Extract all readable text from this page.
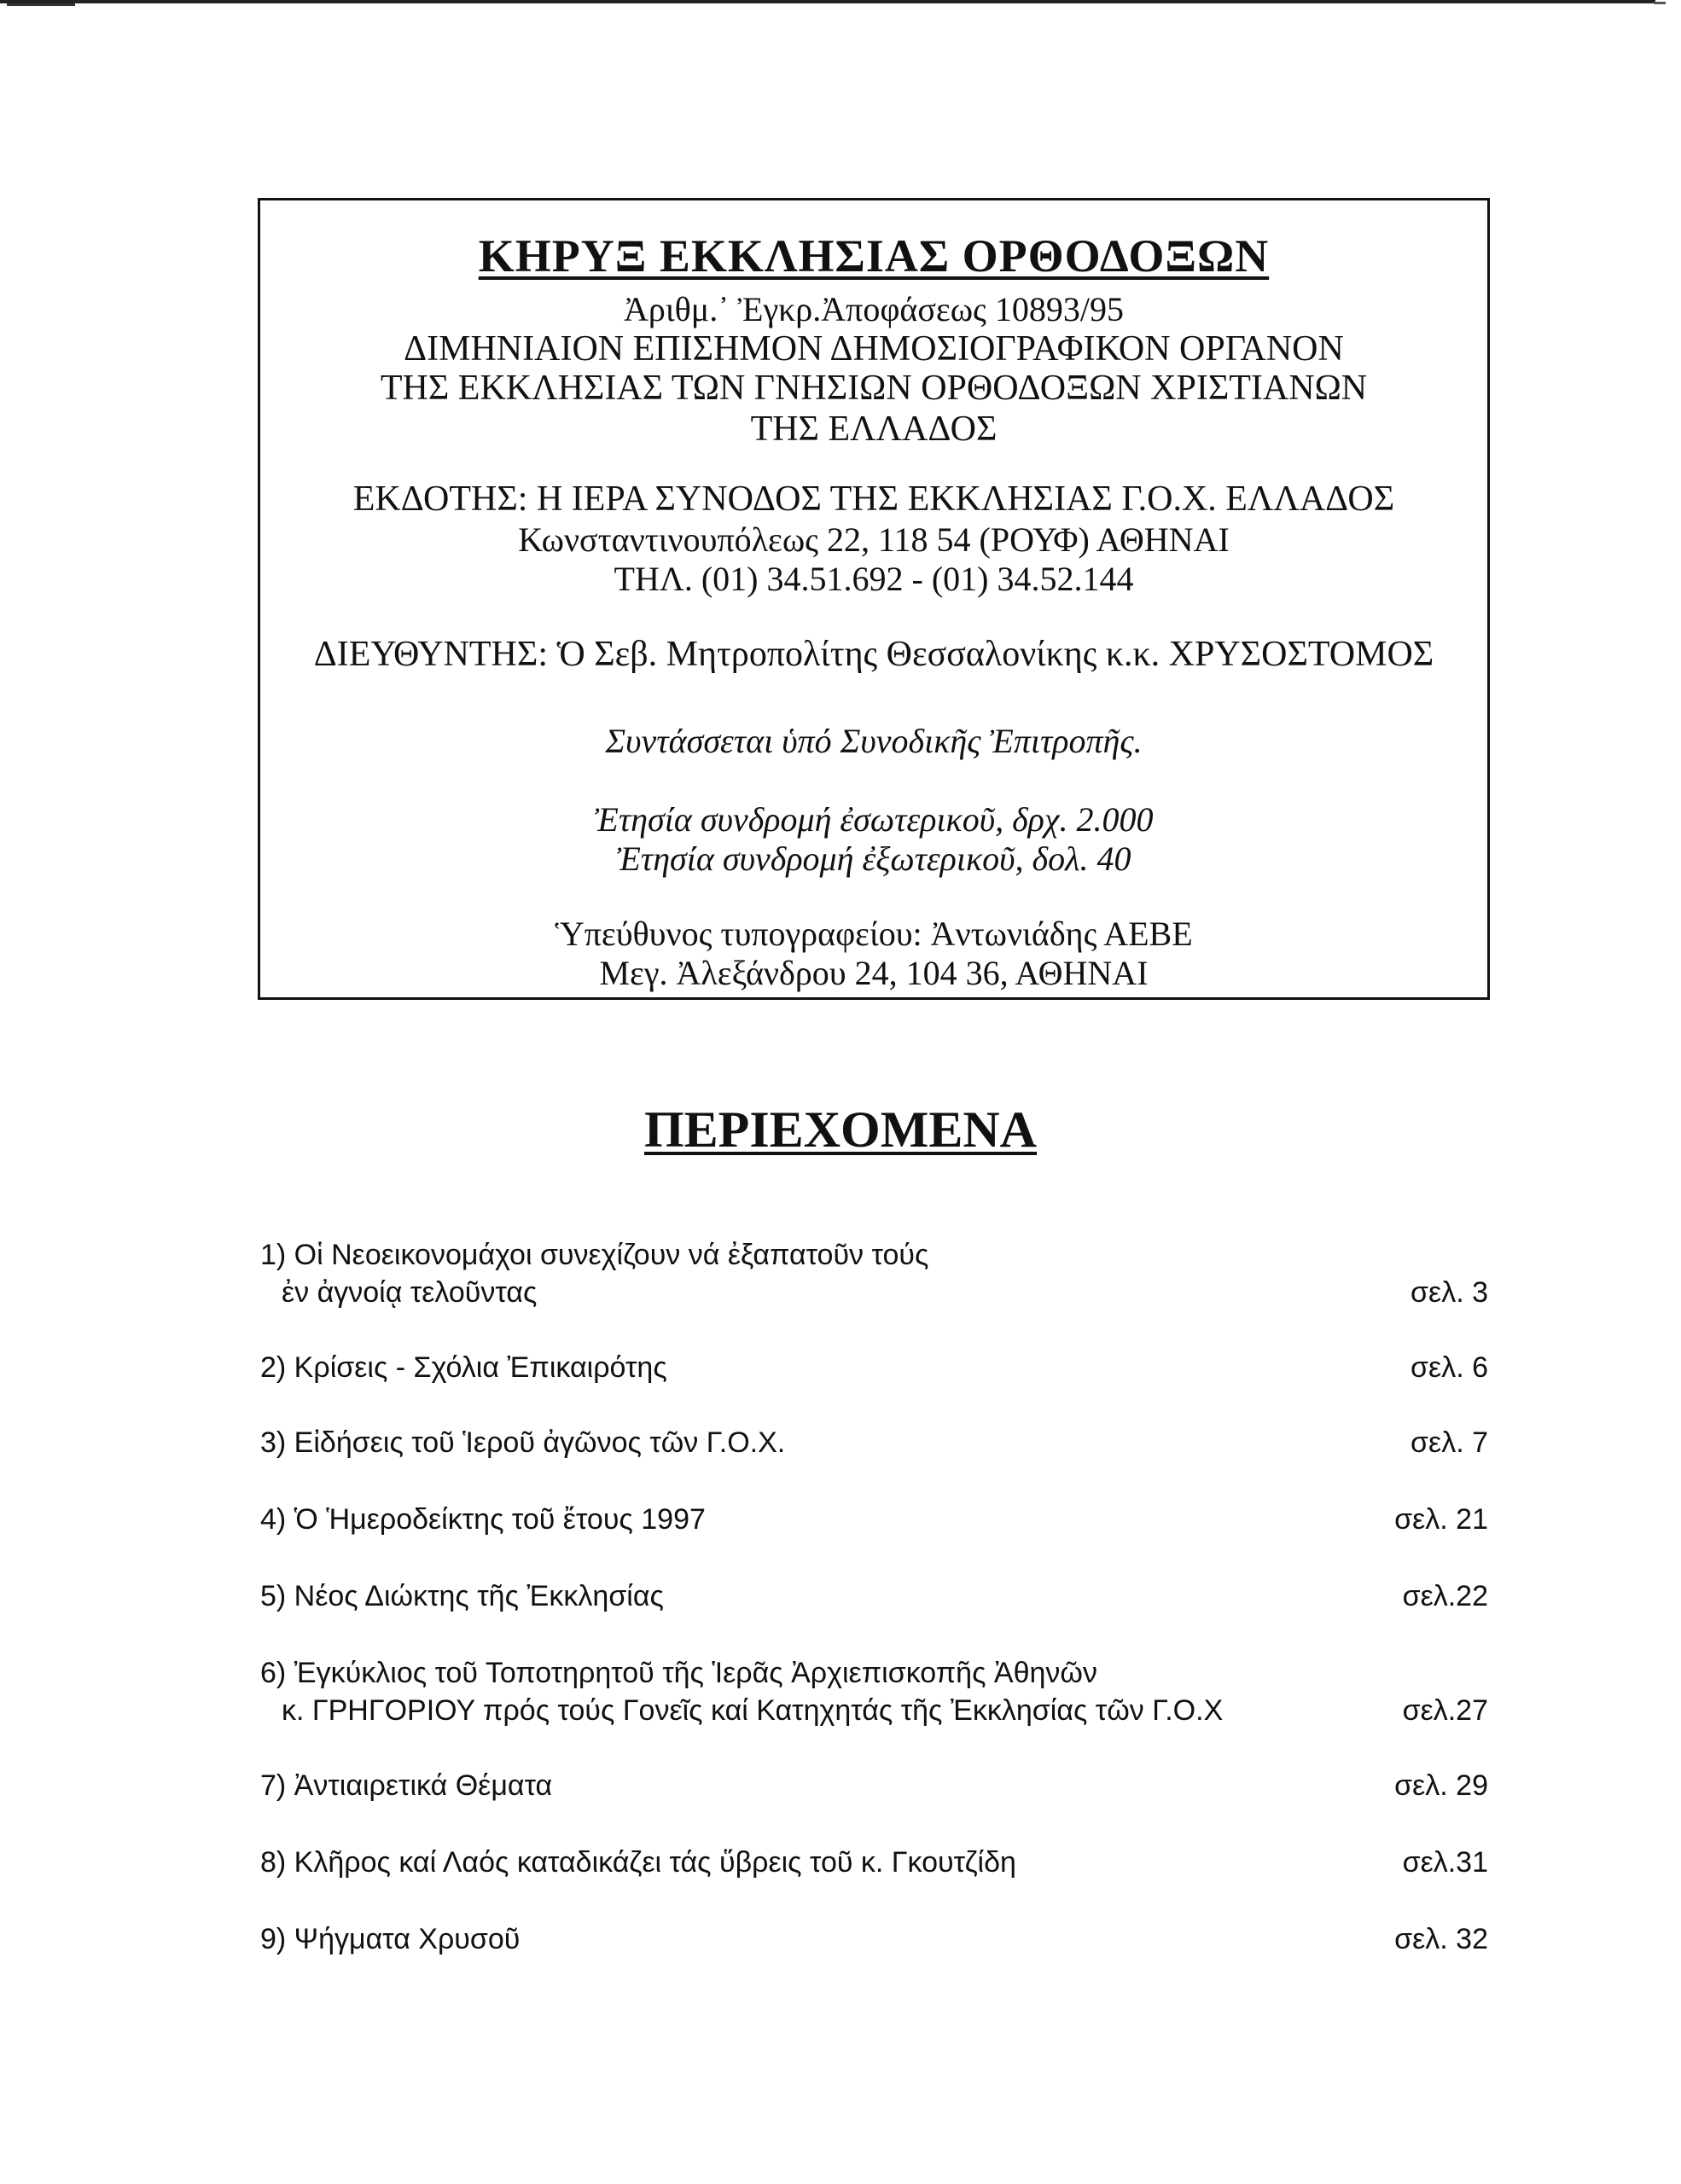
ΚΗΡΥΞ ΕΚΚΛΗΣΙΑΣ ΟΡΘΟΔΟΞΩΝ
Ἀριθμ.᾿ Ἐγκρ.Ἀποφάσεως 10893/95
ΔΙΜΗΝΙΑΙΟΝ ΕΠΙΣΗΜΟΝ ΔΗΜΟΣΙΟΓΡΑΦΙΚΟΝ ΟΡΓΑΝΟΝ
ΤΗΣ ΕΚΚΛΗΣΙΑΣ ΤΩΝ ΓΝΗΣΙΩΝ ΟΡΘΟΔΟΞΩΝ ΧΡΙΣΤΙΑΝΩΝ
ΤΗΣ ΕΛΛΑΔΟΣ
ΕΚΔΟΤΗΣ: Η ΙΕΡΑ ΣΥΝΟΔΟΣ ΤΗΣ ΕΚΚΛΗΣΙΑΣ Γ.Ο.Χ. ΕΛΛΑΔΟΣ
Κωνσταντινουπόλεως 22, 118 54 (ΡΟΥΦ) ΑΘΗΝΑΙ
ΤΗΛ. (01) 34.51.692 - (01) 34.52.144
ΔΙΕΥΘΥΝΤΗΣ: Ὁ Σεβ. Μητροπολίτης Θεσσαλονίκης κ.κ. ΧΡΥΣΟΣΤΟΜΟΣ
Συντάσσεται ὑπό Συνοδικῆς Ἐπιτροπῆς.
Ἐτησία συνδρομή ἐσωτερικοῦ, δρχ. 2.000
Ἐτησία συνδρομή ἐξωτερικοῦ, δολ. 40
Ὑπεύθυνος τυπογραφείου: Ἀντωνιάδης ΑΕΒΕ
Μεγ. Ἀλεξάνδρου 24, 104 36, ΑΘΗΝΑΙ
ΠΕΡΙΕΧΟΜΕΝΑ
1) Οἱ Νεοεικονομάχοι συνεχίζουν νά ἐξαπατοῦν τούς
ἐν ἀγνοίᾳ τελοῦντας	σελ. 3
2) Κρίσεις - Σχόλια Ἐπικαιρότης	σελ. 6
3) Εἰδήσεις τοῦ Ἱεροῦ ἀγῶνος τῶν Γ.Ο.Χ.	σελ. 7
4) Ὁ Ἡμεροδείκτης τοῦ ἔτους 1997	σελ. 21
5) Νέος Διώκτης τῆς Ἐκκλησίας	σελ.22
6) Ἐγκύκλιος τοῦ Τοποτηρητοῦ τῆς Ἱερᾶς Ἀρχιεπισκοπῆς Ἀθηνῶν
κ. ΓΡΗΓΟΡΙΟΥ πρός τούς Γονεῖς καί Κατηχητάς τῆς Ἐκκλησίας τῶν Γ.Ο.Χ	σελ.27
7) Ἀντιαιρετικά Θέματα	σελ. 29
8) Κλῆρος καί Λαός καταδικάζει τάς ὕβρεις τοῦ κ. Γκουτζίδη	σελ.31
9) Ψήγματα Χρυσοῦ	σελ. 32
